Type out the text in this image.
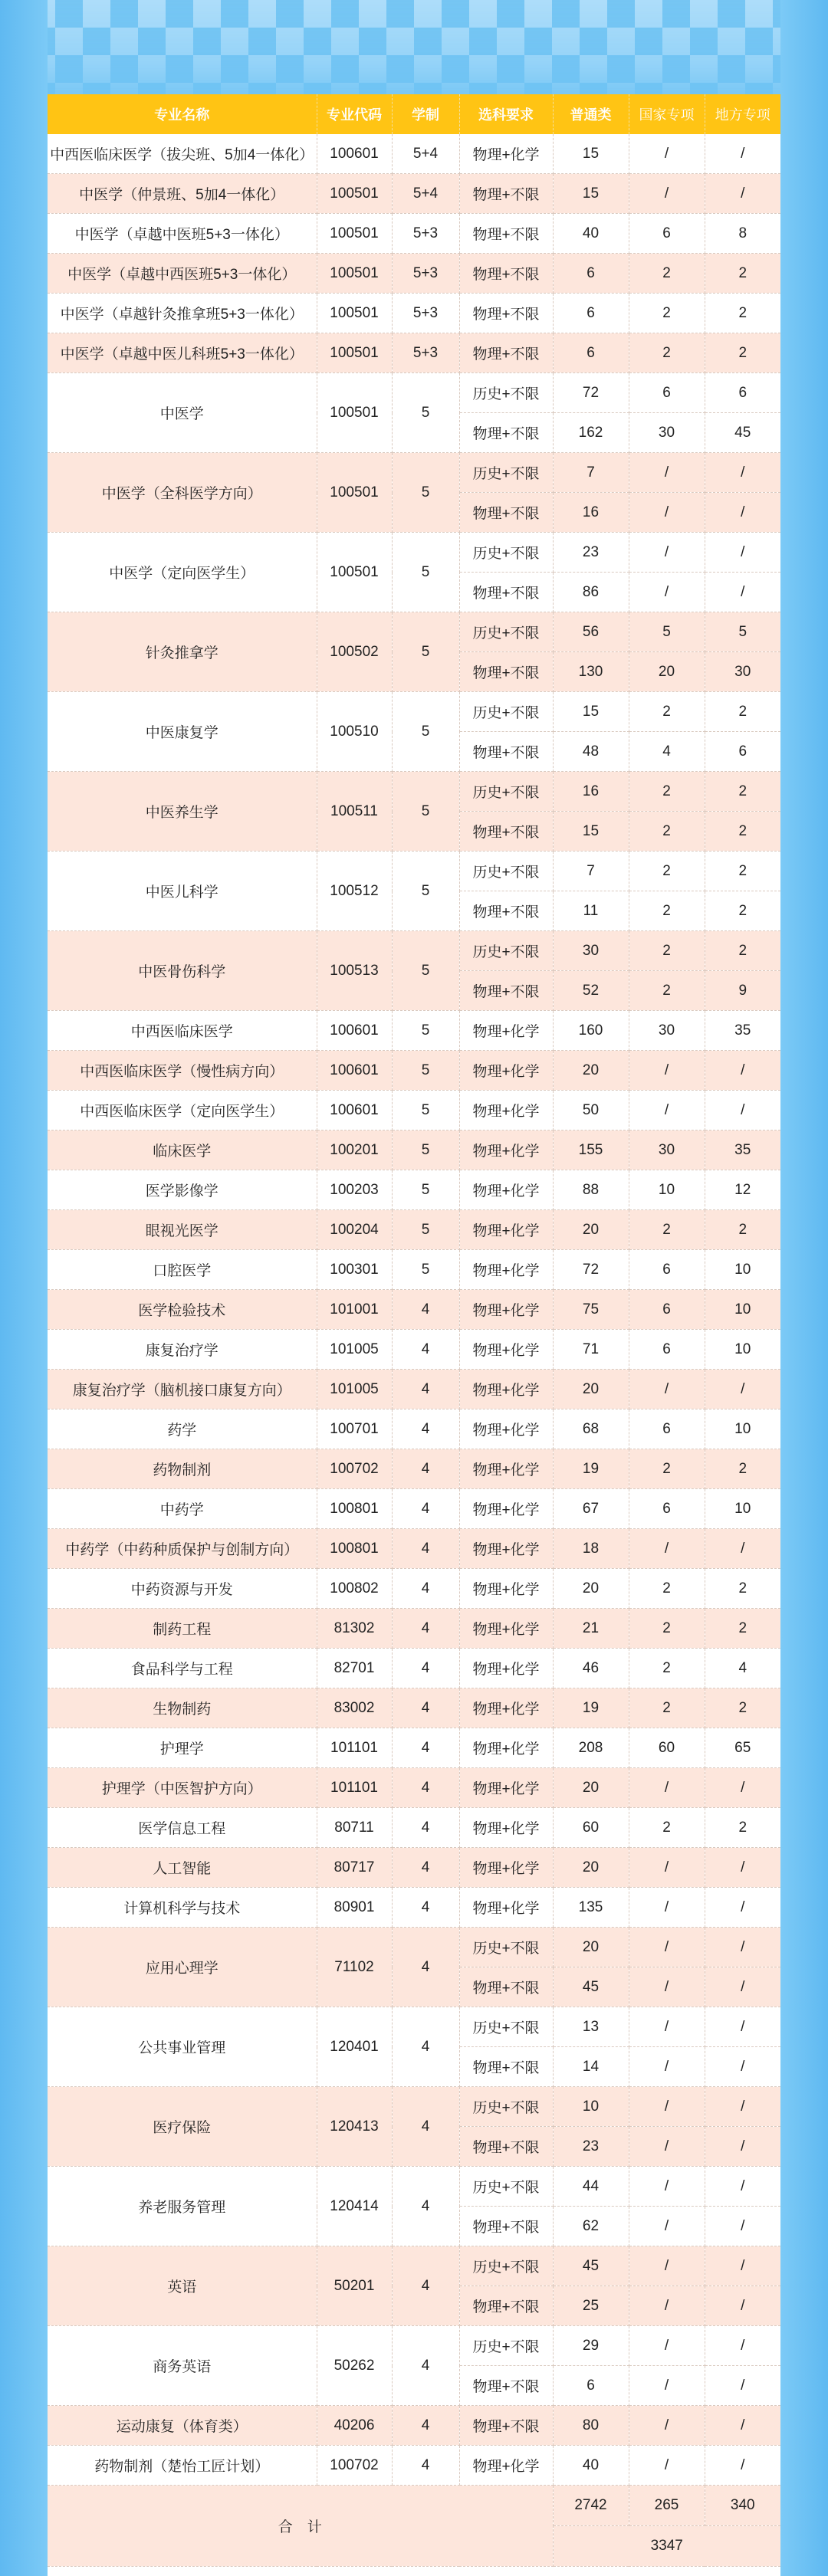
专业名称	专业代码	学制	选科要求	普通类	国家专项	地方专项
中西医临床医学（拔尖班、5加4一体化）	100601	5+4	物理+化学	15	/	/
中医学（仲景班、5加4一体化）	100501	5+4	物理+不限	15	/	/
中医学（卓越中医班5+3一体化）	100501	5+3	物理+不限	40	6	8
中医学（卓越中西医班5+3一体化）	100501	5+3	物理+不限	6	2	2
中医学（卓越针灸推拿班5+3一体化）	100501	5+3	物理+不限	6	2	2
中医学（卓越中医儿科班5+3一体化）	100501	5+3	物理+不限	6	2	2
中医学	100501	5	历史+不限	72	6	6
			物理+不限	162	30	45
中医学（全科医学方向）	100501	5	历史+不限	7	/	/
			物理+不限	16	/	/
中医学（定向医学生）	100501	5	历史+不限	23	/	/
			物理+不限	86	/	/
针灸推拿学	100502	5	历史+不限	56	5	5
			物理+不限	130	20	30
中医康复学	100510	5	历史+不限	15	2	2
			物理+不限	48	4	6
中医养生学	100511	5	历史+不限	16	2	2
			物理+不限	15	2	2
中医儿科学	100512	5	历史+不限	7	2	2
			物理+不限	11	2	2
中医骨伤科学	100513	5	历史+不限	30	2	2
			物理+不限	52	2	9
中西医临床医学	100601	5	物理+化学	160	30	35
中西医临床医学（慢性病方向）	100601	5	物理+化学	20	/	/
中西医临床医学（定向医学生）	100601	5	物理+化学	50	/	/
临床医学	100201	5	物理+化学	155	30	35
医学影像学	100203	5	物理+化学	88	10	12
眼视光医学	100204	5	物理+化学	20	2	2
口腔医学	100301	5	物理+化学	72	6	10
医学检验技术	101001	4	物理+化学	75	6	10
康复治疗学	101005	4	物理+化学	71	6	10
康复治疗学（脑机接口康复方向）	101005	4	物理+化学	20	/	/
药学	100701	4	物理+化学	68	6	10
药物制剂	100702	4	物理+化学	19	2	2
中药学	100801	4	物理+化学	67	6	10
中药学（中药种质保护与创制方向）	100801	4	物理+化学	18	/	/
中药资源与开发	100802	4	物理+化学	20	2	2
制药工程	81302	4	物理+化学	21	2	2
食品科学与工程	82701	4	物理+化学	46	2	4
生物制药	83002	4	物理+化学	19	2	2
护理学	101101	4	物理+化学	208	60	65
护理学（中医智护方向）	101101	4	物理+化学	20	/	/
医学信息工程	80711	4	物理+化学	60	2	2
人工智能	80717	4	物理+化学	20	/	/
计算机科学与技术	80901	4	物理+化学	135	/	/
应用心理学	71102	4	历史+不限	20	/	/
			物理+不限	45	/	/
公共事业管理	120401	4	历史+不限	13	/	/
			物理+不限	14	/	/
医疗保险	120413	4	历史+不限	10	/	/
			物理+不限	23	/	/
养老服务管理	120414	4	历史+不限	44	/	/
			物理+不限	62	/	/
英语	50201	4	历史+不限	45	/	/
			物理+不限	25	/	/
商务英语	50262	4	历史+不限	29	/	/
			物理+不限	6	/	/
运动康复（体育类）	40206	4	物理+不限	80	/	/
药物制剂（楚怡工匠计划）	100702	4	物理+化学	40	/	/
合　计				2742	265	340
				3347		
